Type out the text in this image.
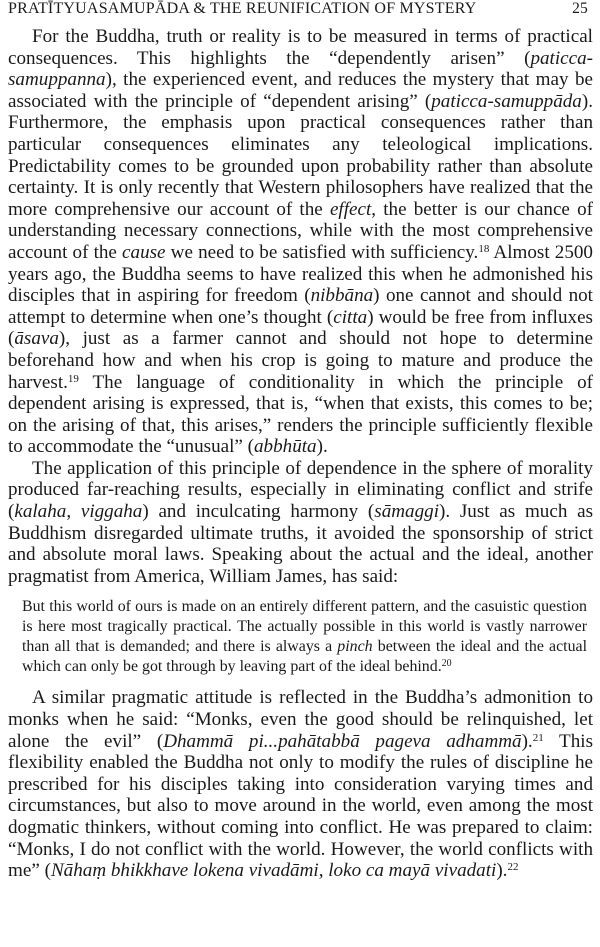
PRATĪTYUASAMUPĀDA & THE REUNIFICATION OF MYSTERY	25

For the Buddha, truth or reality is to be measured in terms of practical consequences. This highlights the “dependently arisen” (paticca-samuppanna), the experienced event, and reduces the mystery that may be associated with the principle of “dependent arising” (paticca-samuppāda). Furthermore, the emphasis upon practical consequences rather than particular consequences eliminates any teleological implications. Predictability comes to be grounded upon probability rather than absolute certainty. It is only recently that Western philosophers have realized that the more comprehensive our account of the effect, the better is our chance of understanding necessary connections, while with the most comprehensive account of the cause we need to be satisfied with sufficiency.$^{18}$ Almost 2500 years ago, the Buddha seems to have realized this when he admonished his disciples that in aspiring for freedom (nibbāna) one cannot and should not attempt to determine when one’s thought (citta) would be free from influxes (āsava), just as a farmer cannot and should not hope to determine beforehand how and when his crop is going to mature and produce the harvest.$^{19}$ The language of conditionality in which the principle of dependent arising is expressed, that is, “when that exists, this comes to be; on the arising of that, this arises,” renders the principle sufficiently flexible to accommodate the “unusual” (abbhūta).

The application of this principle of dependence in the sphere of morality produced far-reaching results, especially in eliminating conflict and strife (kalaha, viggaha) and inculcating harmony (sāmaggi). Just as much as Buddhism disregarded ultimate truths, it avoided the sponsorship of strict and absolute moral laws. Speaking about the actual and the ideal, another pragmatist from America, William James, has said:

But this world of ours is made on an entirely different pattern, and the casuistic question is here most tragically practical. The actually possible in this world is vastly narrower than all that is demanded; and there is always a pinch between the ideal and the actual which can only be got through by leaving part of the ideal behind.$^{20}$

A similar pragmatic attitude is reflected in the Buddha’s admonition to monks when he said: “Monks, even the good should be relinquished, let alone the evil” (Dhammā pi...pahātabbā pageva adhammā).$^{21}$ This flexibility enabled the Buddha not only to modify the rules of discipline he prescribed for his disciples taking into consideration varying times and circumstances, but also to move around in the world, even among the most dogmatic thinkers, without coming into conflict. He was prepared to claim: “Monks, I do not conflict with the world. However, the world conflicts with me” (Nāhaṃ bhikkhave lokena vivadāmi, loko ca mayā vivadati).$^{22}$
